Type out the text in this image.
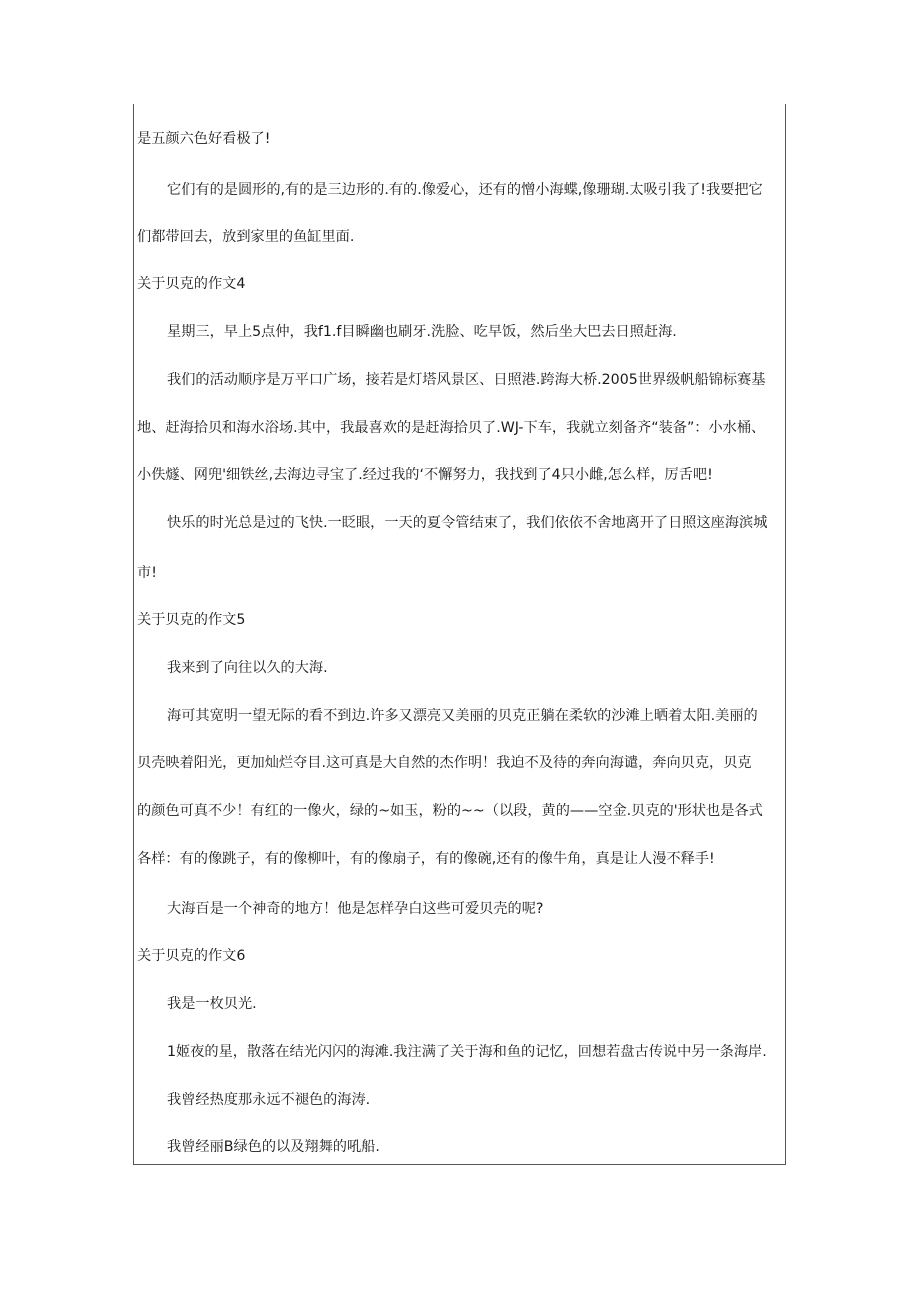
是五颜六色好看极了!
它们有的是圆形的,有的是三边形的.有的.像爱心，还有的憎小海蝶,像珊瑚.太吸引我了!我要把它
们都带回去，放到家里的鱼缸里面.
关于贝克的作文4
星期三，早上5点仲，我f1.f目瞬幽也刷牙.洗脸、吃早饭，然后坐大巴去日照赶海.
我们的活动顺序是万平口广场，接若是灯塔风景区、日照港.跨海大桥.2005世界级帆船锦标赛基
地、赶海拾贝和海水浴场.其中，我最喜欢的是赶海拾贝了.WJ-下车，我就立刻备齐“装备”：小水桶、
小佚燧、网兜'细铁丝,去海边寻宝了.经过我的‘不懈努力，我找到了4只小雌,怎么样，厉舌吧!
快乐的时光总是过的飞快.一眨眼，一天的夏令管结束了，我们依依不舍地离开了日照这座海滨城
市!
关于贝克的作文5
我来到了向往以久的大海.
海可其宽明一望无际的看不到边.许多又漂亮又美丽的贝克正躺在柔软的沙滩上晒着太阳.美丽的
贝壳映着阳光，更加灿烂夺目.这可真是大自然的杰作明！我迫不及待的奔向海谴，奔向贝克，贝克
的颜色可真不少！有红的一像火，绿的~如玉，粉的~~（以段，黄的——空金.贝克的'形状也是各式
各样：有的像跳子，有的像柳叶，有的像扇子，有的像碗,还有的像牛角，真是让人漫不释手!
大海百是一个神奇的地方！他是怎样孕白这些可爱贝壳的呢?
关于贝克的作文6
我是一枚贝光.
1姬夜的星，散落在结光闪闪的海滩.我注满了关于海和鱼的记忆，回想若盘古传说中另一条海岸.
我曾经热度那永远不褪色的海涛.
我曾经丽B绿色的以及翔舞的吼船.
